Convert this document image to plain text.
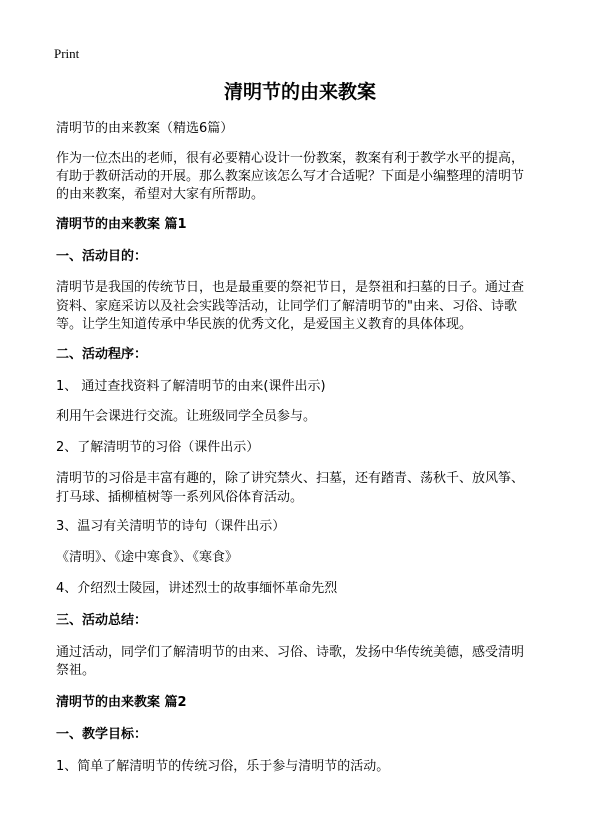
Print
清明节的由来教案
清明节的由来教案（精选6篇）
作为一位杰出的老师，很有必要精心设计一份教案，教案有利于教学水平的提高，
有助于教研活动的开展。那么教案应该怎么写才合适呢？下面是小编整理的清明节
的由来教案，希望对大家有所帮助。
清明节的由来教案 篇1
一、活动目的：
清明节是我国的传统节日，也是最重要的祭祀节日，是祭祖和扫墓的日子。通过查
资料、家庭采访以及社会实践等活动，让同学们了解清明节的"由来、习俗、诗歌
等。让学生知道传承中华民族的优秀文化，是爱国主义教育的具体体现。
二、活动程序：
1、 通过查找资料了解清明节的由来(课件出示)
利用午会课进行交流。让班级同学全员参与。
2、了解清明节的习俗（课件出示）
清明节的习俗是丰富有趣的，除了讲究禁火、扫墓，还有踏青、荡秋千、放风筝、
打马球、插柳植树等一系列风俗体育活动。
3、温习有关清明节的诗句（课件出示）
《清明》、《途中寒食》、《寒食》
4、介绍烈士陵园，讲述烈士的故事缅怀革命先烈
三、活动总结：
通过活动，同学们了解清明节的由来、习俗、诗歌，发扬中华传统美德，感受清明
祭祖。
清明节的由来教案 篇2
一、教学目标：
1、简单了解清明节的传统习俗，乐于参与清明节的活动。
